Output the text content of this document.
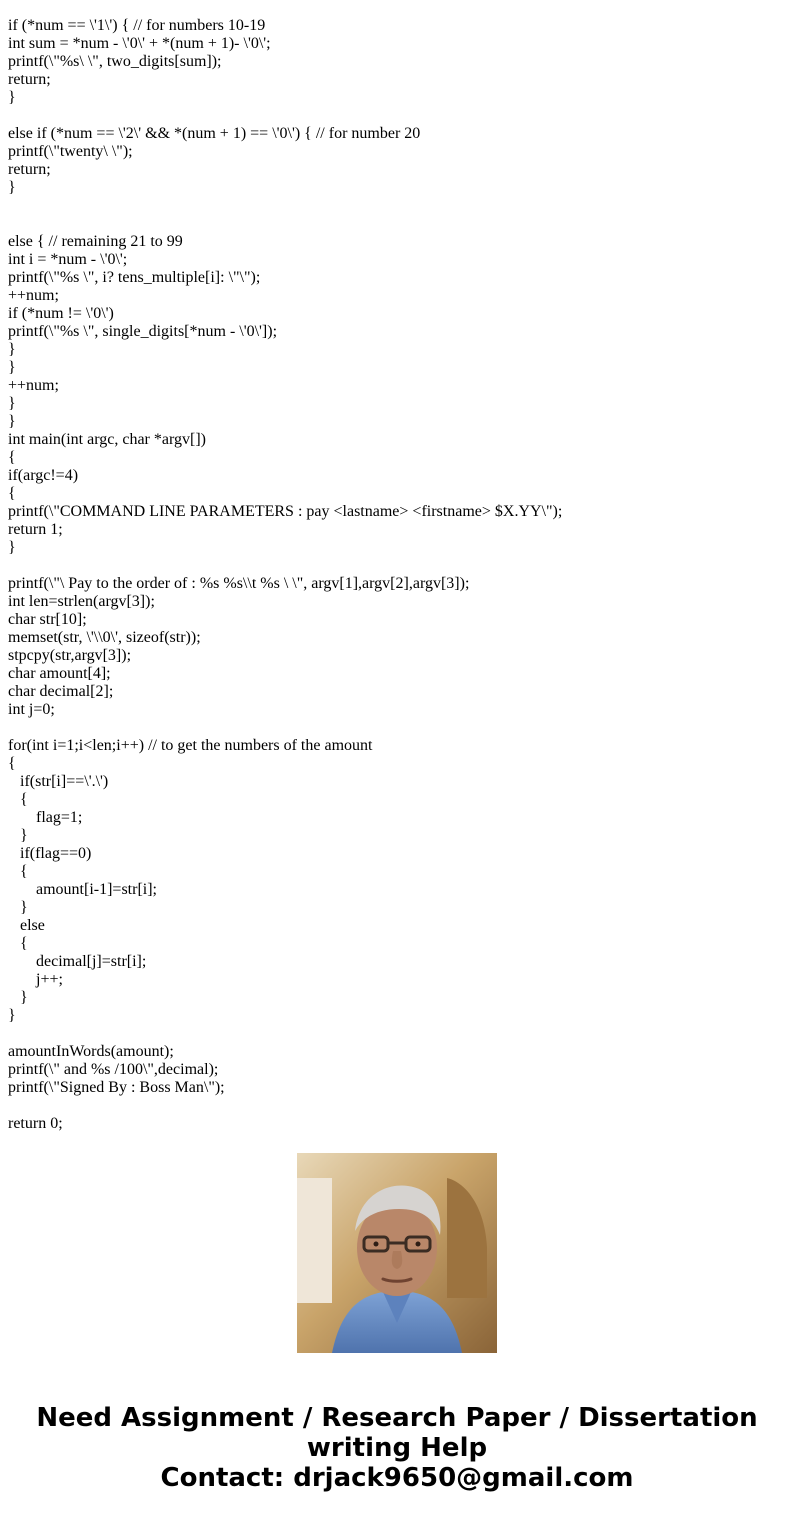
if (*num == \'1\') { // for numbers 10-19
int sum = *num - \'0\' + *(num + 1)- \'0\';
printf(\"%s\ \", two_digits[sum]);
return;
}
else if (*num == \'2\' && *(num + 1) == \'0\') { // for number 20
printf(\"twenty\ \");
return;
}
else { // remaining 21 to 99
int i = *num - \'0\';
printf(\"%s \", i? tens_multiple[i]: \"\");
++num;
if (*num != \'0\')
printf(\"%s \", single_digits[*num - \'0\']);
}
}
++num;
}
}
int main(int argc, char *argv[])
{
if(argc!=4)
{
printf(\"COMMAND LINE PARAMETERS : pay <lastname> <firstname> $X.YY\");
return 1;
}
printf(\"\ Pay to the order of : %s %s\\t %s \ \", argv[1],argv[2],argv[3]);
int len=strlen(argv[3]);
char str[10];
memset(str, \'\\0\', sizeof(str));
stpcpy(str,argv[3]);
char amount[4];
char decimal[2];
int j=0;
for(int i=1;i<len;i++) // to get the numbers of the amount
{
if(str[i]==\'.\')
{
flag=1;
}
if(flag==0)
{
amount[i-1]=str[i];
}
else
{
decimal[j]=str[i];
j++;
}
}
amountInWords(amount);
printf(\" and %s /100\",decimal);
printf(\"Signed By : Boss Man\");
return 0;
Need Assignment / Research Paper / Dissertation
writing Help
Contact: drjack9650@gmail.com
